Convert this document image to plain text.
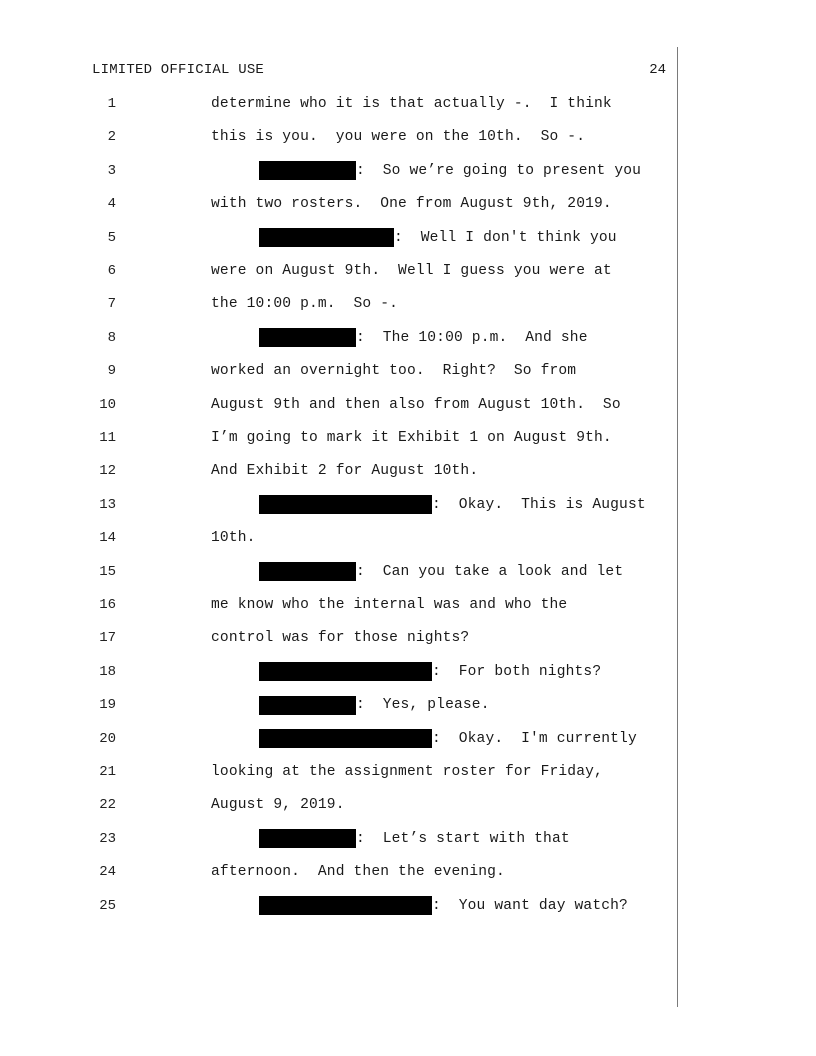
LIMITED OFFICIAL USE	24
1	determine who it is that actually -.  I think
2	this is you.  you were on the 10th.  So -.
3	:  So we’re going to present you
4	with two rosters.  One from August 9th, 2019.
5	:  Well I don't think you
6	were on August 9th.  Well I guess you were at
7	the 10:00 p.m.  So -.
8	:  The 10:00 p.m.  And she
9	worked an overnight too.  Right?  So from
10	August 9th and then also from August 10th.  So
11	I’m going to mark it Exhibit 1 on August 9th.
12	And Exhibit 2 for August 10th.
13	:  Okay.  This is August
14	10th.
15	:  Can you take a look and let
16	me know who the internal was and who the
17	control was for those nights?
18	:  For both nights?
19	:  Yes, please.
20	:  Okay.  I'm currently
21	looking at the assignment roster for Friday,
22	August 9, 2019.
23	:  Let’s start with that
24	afternoon.  And then the evening.
25	:  You want day watch?
